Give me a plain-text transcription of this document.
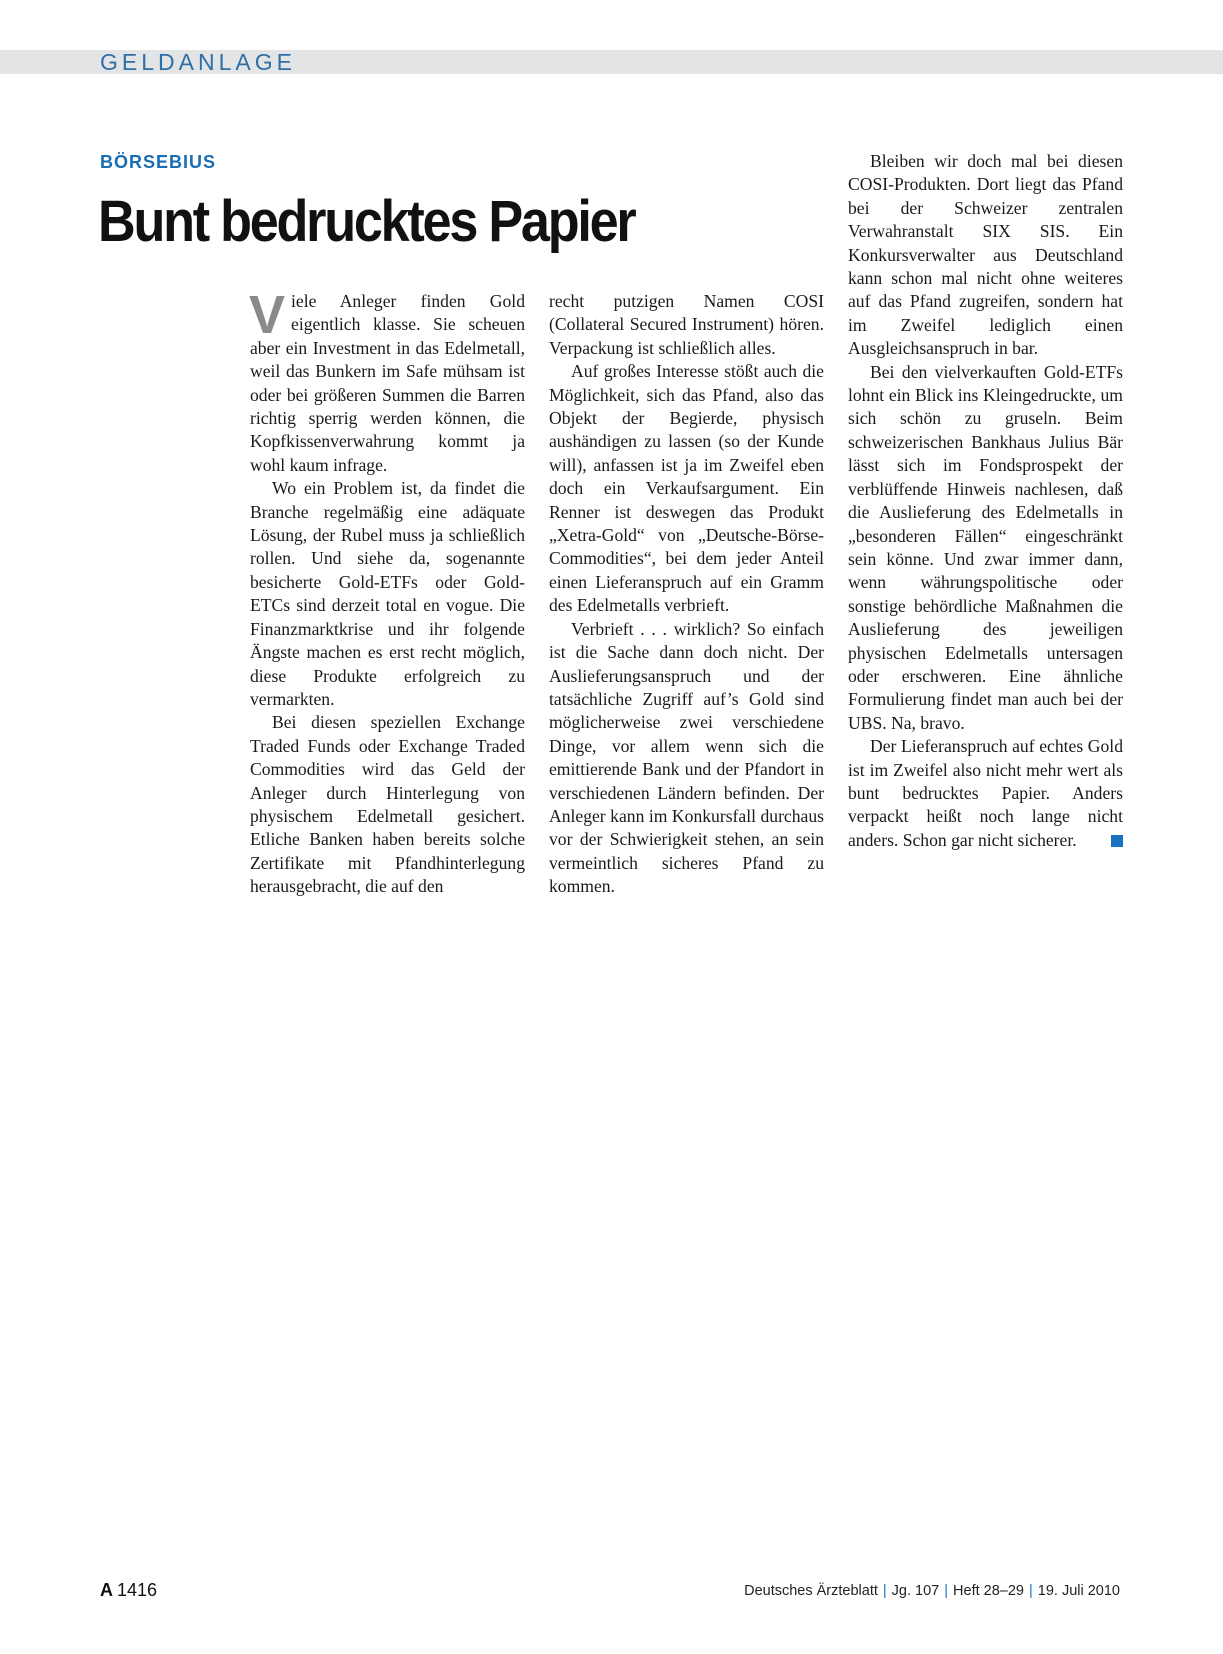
GELDANLAGE
BÖRSEBIUS
Bunt bedrucktes Papier

Viele Anleger finden Gold eigentlich klasse. Sie scheuen aber ein Investment in das Edelmetall, weil das Bunkern im Safe mühsam ist oder bei größeren Summen die Barren richtig sperrig werden können, die Kopfkissenverwahrung kommt ja wohl kaum infrage.

Wo ein Problem ist, da findet die Branche regelmäßig eine adäquate Lösung, der Rubel muss ja schließlich rollen. Und siehe da, sogenannte besicherte Gold-ETFs oder Gold-ETCs sind derzeit total en vogue. Die Finanzmarktkrise und ihr folgende Ängste machen es erst recht möglich, diese Produkte erfolgreich zu vermarkten.

Bei diesen speziellen Exchange Traded Funds oder Exchange Traded Commodities wird das Geld der Anleger durch Hinterlegung von physischem Edelmetall gesichert. Etliche Banken haben bereits solche Zertifikate mit Pfandhinterlegung herausgebracht, die auf den

recht putzigen Namen COSI (Collateral Secured Instrument) hören. Verpackung ist schließlich alles.

Auf großes Interesse stößt auch die Möglichkeit, sich das Pfand, also das Objekt der Begierde, physisch aushändigen zu lassen (so der Kunde will), anfassen ist ja im Zweifel eben doch ein Verkaufsargument. Ein Renner ist deswegen das Produkt „Xetra-Gold“ von „Deutsche-Börse-Commodities“, bei dem jeder Anteil einen Lieferanspruch auf ein Gramm des Edelmetalls verbrieft.

Verbrieft . . . wirklich? So einfach ist die Sache dann doch nicht. Der Auslieferungsanspruch und der tatsächliche Zugriff auf’s Gold sind möglicherweise zwei verschiedene Dinge, vor allem wenn sich die emittierende Bank und der Pfandort in verschiedenen Ländern befinden. Der Anleger kann im Konkursfall durchaus vor der Schwierigkeit stehen, an sein vermeintlich sicheres Pfand zu kommen.

Bleiben wir doch mal bei diesen COSI-Produkten. Dort liegt das Pfand bei der Schweizer zentralen Verwahranstalt SIX SIS. Ein Konkursverwalter aus Deutschland kann schon mal nicht ohne weiteres auf das Pfand zugreifen, sondern hat im Zweifel lediglich einen Ausgleichsanspruch in bar.

Bei den vielverkauften Gold-ETFs lohnt ein Blick ins Kleingedruckte, um sich schön zu gruseln. Beim schweizerischen Bankhaus Julius Bär lässt sich im Fondsprospekt der verblüffende Hinweis nachlesen, daß die Auslieferung des Edelmetalls in „besonderen Fällen“ eingeschränkt sein könne. Und zwar immer dann, wenn währungspolitische oder sonstige behördliche Maßnahmen die Auslieferung des jeweiligen physischen Edelmetalls untersagen oder erschweren. Eine ähnliche Formulierung findet man auch bei der UBS. Na, bravo.

Der Lieferanspruch auf echtes Gold ist im Zweifel also nicht mehr wert als bunt bedrucktes Papier. Anders verpackt heißt noch lange nicht anders. Schon gar nicht sicherer.

A 1416	Deutsches Ärzteblatt | Jg. 107 | Heft 28–29 | 19. Juli 2010
